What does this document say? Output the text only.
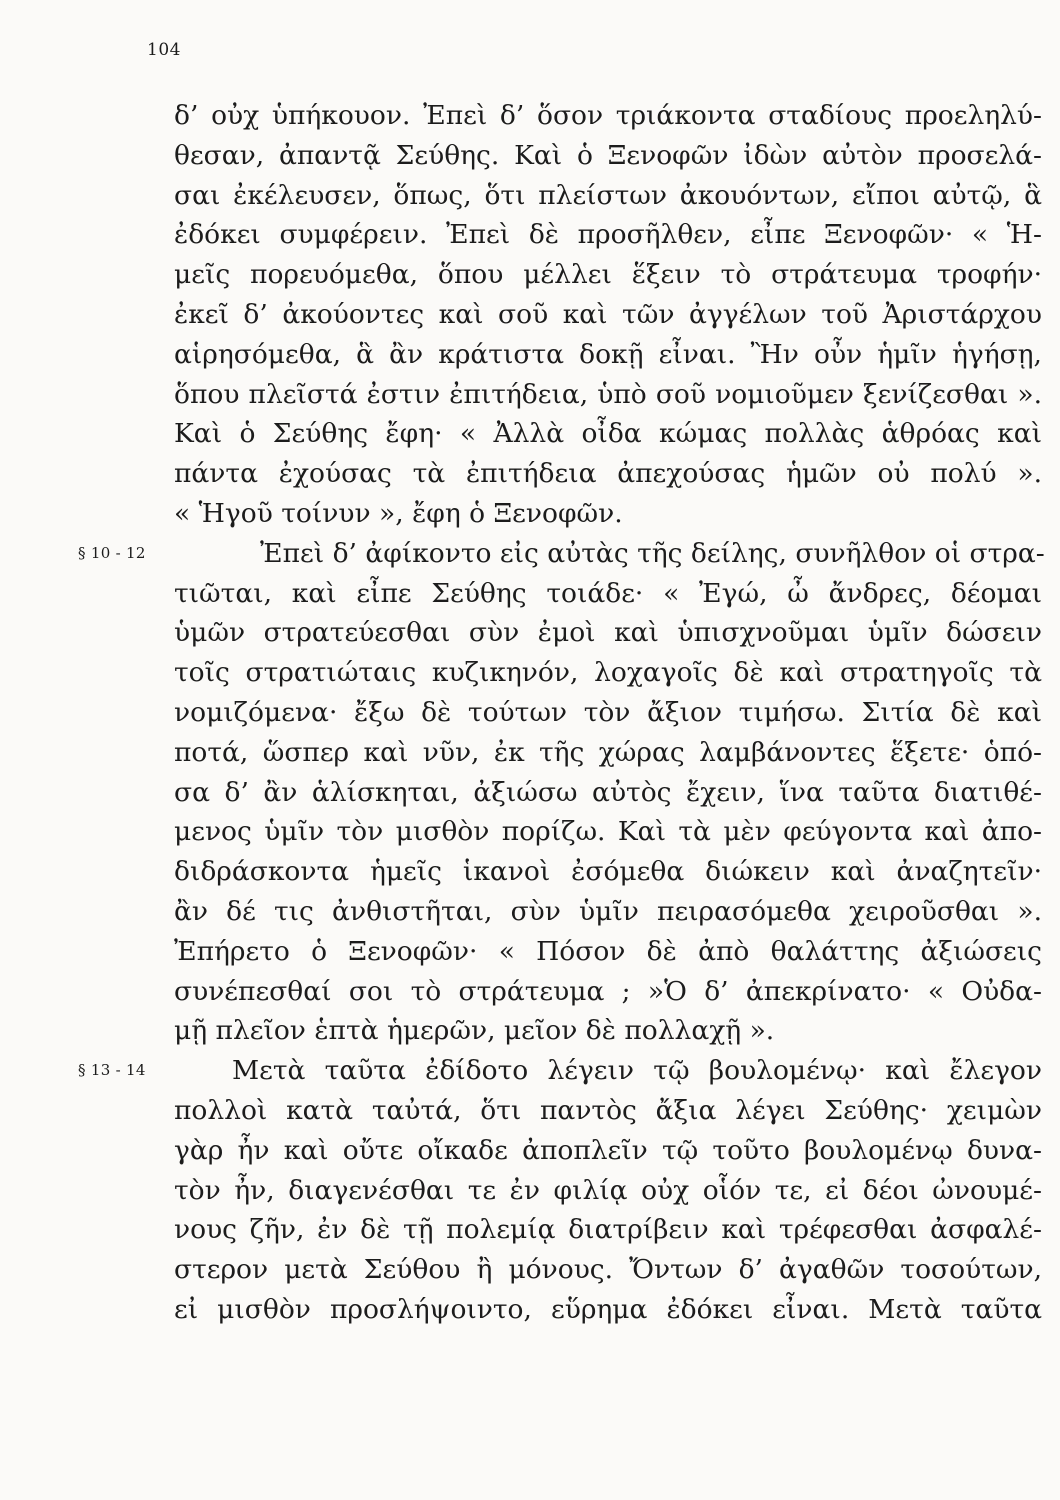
104
δ’ οὐχ ὑπήκουον. Ἐπεὶ δ’ ὅσον τριάκοντα σταδίους προεληλύ-
θεσαν, ἀπαντᾷ Σεύθης. Καὶ ὁ Ξενοφῶν ἰδὼν αὐτὸν προσελά-
σαι ἐκέλευσεν, ὅπως, ὅτι πλείστων ἀκουόντων, εἴποι αὐτῷ, ἃ
ἐδόκει συμφέρειν. Ἐπεὶ δὲ προσῆλθεν, εἶπε Ξενοφῶν· « Ἡ-
μεῖς πορευόμεθα, ὅπου μέλλει ἕξειν τὸ στράτευμα τροφήν·
ἐκεῖ δ’ ἀκούοντες καὶ σοῦ καὶ τῶν ἀγγέλων τοῦ Ἀριστάρχου
αἱρησόμεθα, ἃ ἂν κράτιστα δοκῇ εἶναι. Ἢν οὖν ἡμῖν ἡγήσῃ,
ὅπου πλεῖστά ἐστιν ἐπιτήδεια, ὑπὸ σοῦ νομιοῦμεν ξενίζεσθαι ».
Καὶ ὁ Σεύθης ἔφη· « Ἀλλὰ οἶδα κώμας πολλὰς ἁθρόας καὶ
πάντα ἐχούσας τὰ ἐπιτήδεια ἀπεχούσας ἡμῶν οὐ πολύ ».
« Ἡγοῦ τοίνυν », ἔφη ὁ Ξενοφῶν.
§ 10 - 12	Ἐπεὶ δ’ ἀφίκοντο εἰς αὐτὰς τῆς δείλης, συνῆλθον οἱ στρα-
τιῶται, καὶ εἶπε Σεύθης τοιάδε· « Ἐγώ, ὦ ἄνδρες, δέομαι
ὑμῶν στρατεύεσθαι σὺν ἐμοὶ καὶ ὑπισχνοῦμαι ὑμῖν δώσειν
τοῖς στρατιώταις κυζικηνόν, λοχαγοῖς δὲ καὶ στρατηγοῖς τὰ
νομιζόμενα· ἔξω δὲ τούτων τὸν ἄξιον τιμήσω. Σιτία δὲ καὶ
ποτά, ὥσπερ καὶ νῦν, ἐκ τῆς χώρας λαμβάνοντες ἕξετε· ὁπό-
σα δ’ ἂν ἁλίσκηται, ἀξιώσω αὐτὸς ἔχειν, ἵνα ταῦτα διατιθέ-
μενος ὑμῖν τὸν μισθὸν πορίζω. Καὶ τὰ μὲν φεύγοντα καὶ ἀπο-
διδράσκοντα ἡμεῖς ἱκανοὶ ἐσόμεθα διώκειν καὶ ἀναζητεῖν·
ἂν δέ τις ἀνθιστῆται, σὺν ὑμῖν πειρασόμεθα χειροῦσθαι ».
Ἐπήρετο ὁ Ξενοφῶν· « Πόσον δὲ ἀπὸ θαλάττης ἀξιώσεις
συνέπεσθαί σοι τὸ στράτευμα ; »Ὁ δ’ ἀπεκρίνατο· « Οὐδα-
μῇ πλεῖον ἑπτὰ ἡμερῶν, μεῖον δὲ πολλαχῇ ».
§ 13 - 14	Μετὰ ταῦτα ἐδίδοτο λέγειν τῷ βουλομένῳ· καὶ ἔλεγον
πολλοὶ κατὰ ταὐτά, ὅτι παντὸς ἄξια λέγει Σεύθης· χειμὼν
γὰρ ἦν καὶ οὔτε οἴκαδε ἀποπλεῖν τῷ τοῦτο βουλομένῳ δυνα-
τὸν ἦν, διαγενέσθαι τε ἐν φιλίᾳ οὐχ οἷόν τε, εἰ δέοι ὠνουμέ-
νους ζῆν, ἐν δὲ τῇ πολεμίᾳ διατρίβειν καὶ τρέφεσθαι ἀσφαλέ-
στερον μετὰ Σεύθου ἢ μόνους. Ὄντων δ’ ἀγαθῶν τοσούτων,
εἰ μισθὸν προσλήψοιντο, εὕρημα ἐδόκει εἶναι. Μετὰ ταῦτα
